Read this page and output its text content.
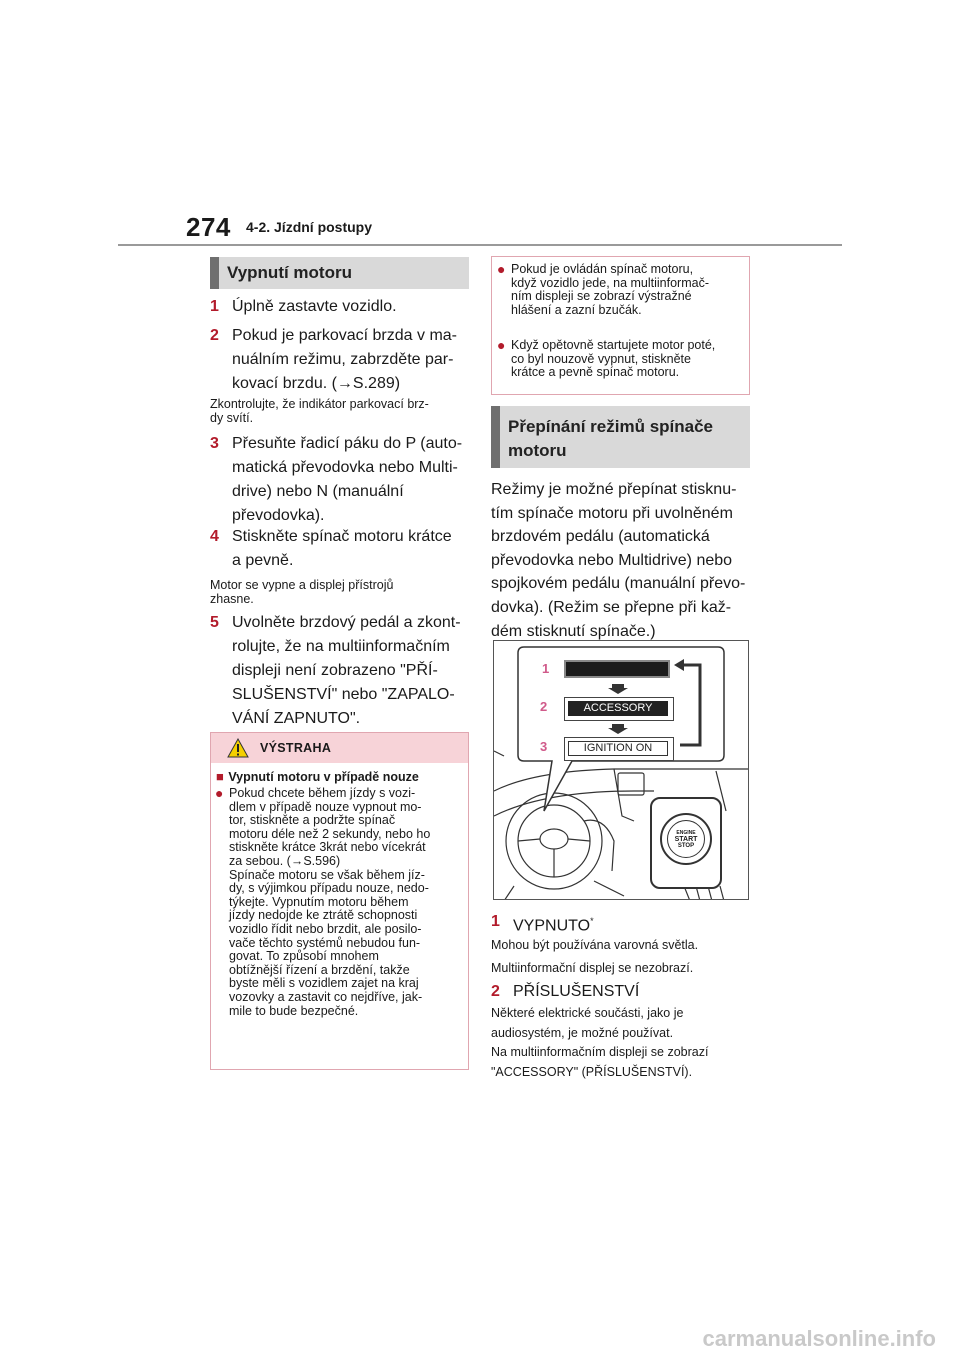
274 4-2. Jízdní postupy
Vypnutí motoru
1 Úplně zastavte vozidlo.
2 Pokud je parkovací brzda v ma-
nuálním režimu, zabrzděte par-
kovací brzdu. (→S.289)
Zkontrolujte, že indikátor parkovací brz-
dy svítí.
3 Přesuňte řadicí páku do P (auto-
matická převodovka nebo Multi-
drive) nebo N (manuální
převodovka).
4 Stiskněte spínač motoru krátce
a pevně.
Motor se vypne a displej přístrojů
zhasne.
5 Uvolněte brzdový pedál a zkont-
rolujte, že na multiinformačním
displeji není zobrazeno "PŘÍ-
SLUŠENSTVÍ" nebo "ZAPALO-
VÁNÍ ZAPNUTO".
VÝSTRAHA
■ Vypnutí motoru v případě nouze
● Pokud chcete během jízdy s vozi-
dlem v případě nouze vypnout mo-
tor, stiskněte a podržte spínač
motoru déle než 2 sekundy, nebo ho
stiskněte krátce 3krát nebo vícekrát
za sebou. (→S.596)
Spínače motoru se však během jíz-
dy, s výjimkou případu nouze, nedo-
týkejte. Vypnutím motoru během
jízdy nedojde ke ztrátě schopnosti
vozidlo řídit nebo brzdit, ale posilo-
vače těchto systémů nebudou fun-
govat. To způsobí mnohem
obtížnější řízení a brzdění, takže
byste měli s vozidlem zajet na kraj
vozovky a zastavit co nejdříve, jak-
mile to bude bezpečné.
● Pokud je ovládán spínač motoru,
když vozidlo jede, na multiinformač-
ním displeji se zobrazí výstražné
hlášení a zazní bzučák.
● Když opětovně startujete motor poté,
co byl nouzově vypnut, stiskněte
krátce a pevně spínač motoru.
Přepínání režimů spínače
motoru
Režimy je možné přepínat stisknu-
tím spínače motoru při uvolněném
brzdovém pedálu (automatická
převodovka nebo Multidrive) nebo
spojkovém pedálu (manuální převo-
dovka). (Režim se přepne při kaž-
dém stisknutí spínače.)
1
2	ACCESSORY
3	IGNITION ON
ENGINE
START
STOP
1 VYPNUTO*
Mohou být používána varovná světla.
Multiinformační displej se nezobrazí.
2 PŘÍSLUŠENSTVÍ
Některé elektrické součásti, jako je
audiosystém, je možné používat.
Na multiinformačním displeji se zobrazí
"ACCESSORY" (PŘÍSLUŠENSTVÍ).
carmanualsonline.info
